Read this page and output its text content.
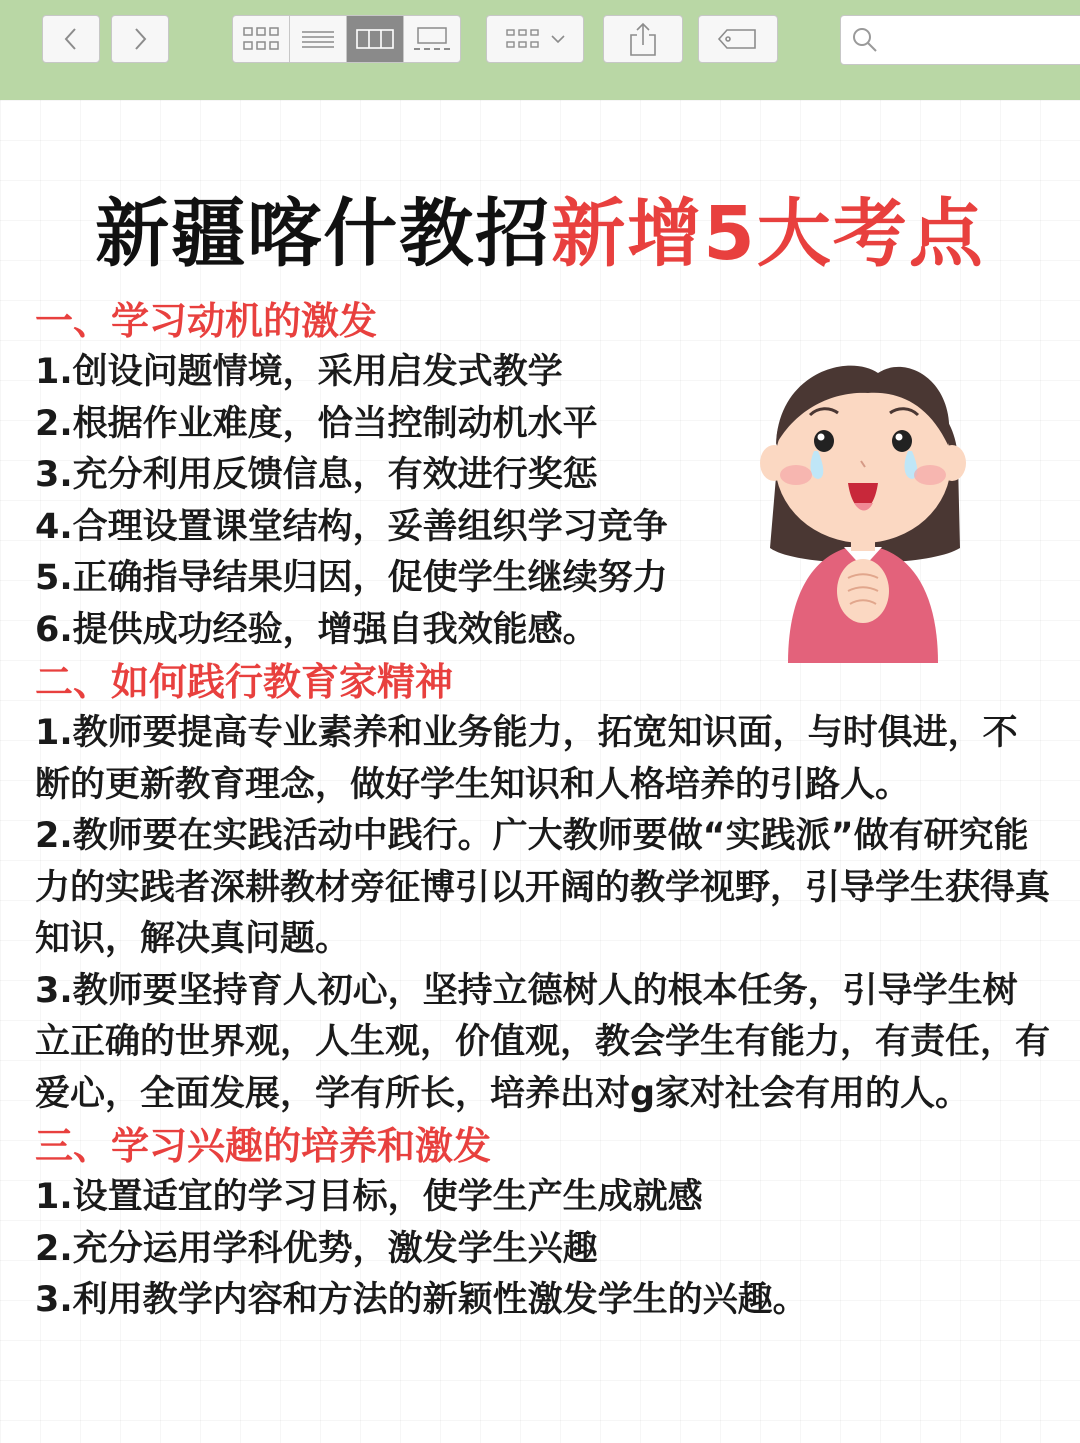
新疆喀什教招新增5大考点
一、学习动机的激发
1.创设问题情境，采用启发式教学
2.根据作业难度，恰当控制动机水平
3.充分利用反馈信息，有效进行奖惩
4.合理设置课堂结构，妥善组织学习竞争
5.正确指导结果归因，促使学生继续努力
6.提供成功经验，增强自我效能感。
二、如何践行教育家精神
1.教师要提高专业素养和业务能力，拓宽知识面，与时俱进，不断的更新教育理念，做好学生知识和人格培养的引路人。
2.教师要在实践活动中践行。广大教师要做“实践派”做有研究能力的实践者深耕教材旁征博引以开阔的教学视野，引导学生获得真知识，解决真问题。
3.教师要坚持育人初心，坚持立德树人的根本任务，引导学生树立正确的世界观，人生观，价值观，教会学生有能力，有责任，有爱心，全面发展，学有所长，培养出对g家对社会有用的人。
三、学习兴趣的培养和激发
1.设置适宜的学习目标，使学生产生成就感
2.充分运用学科优势，激发学生兴趣
3.利用教学内容和方法的新颖性激发学生的兴趣。
